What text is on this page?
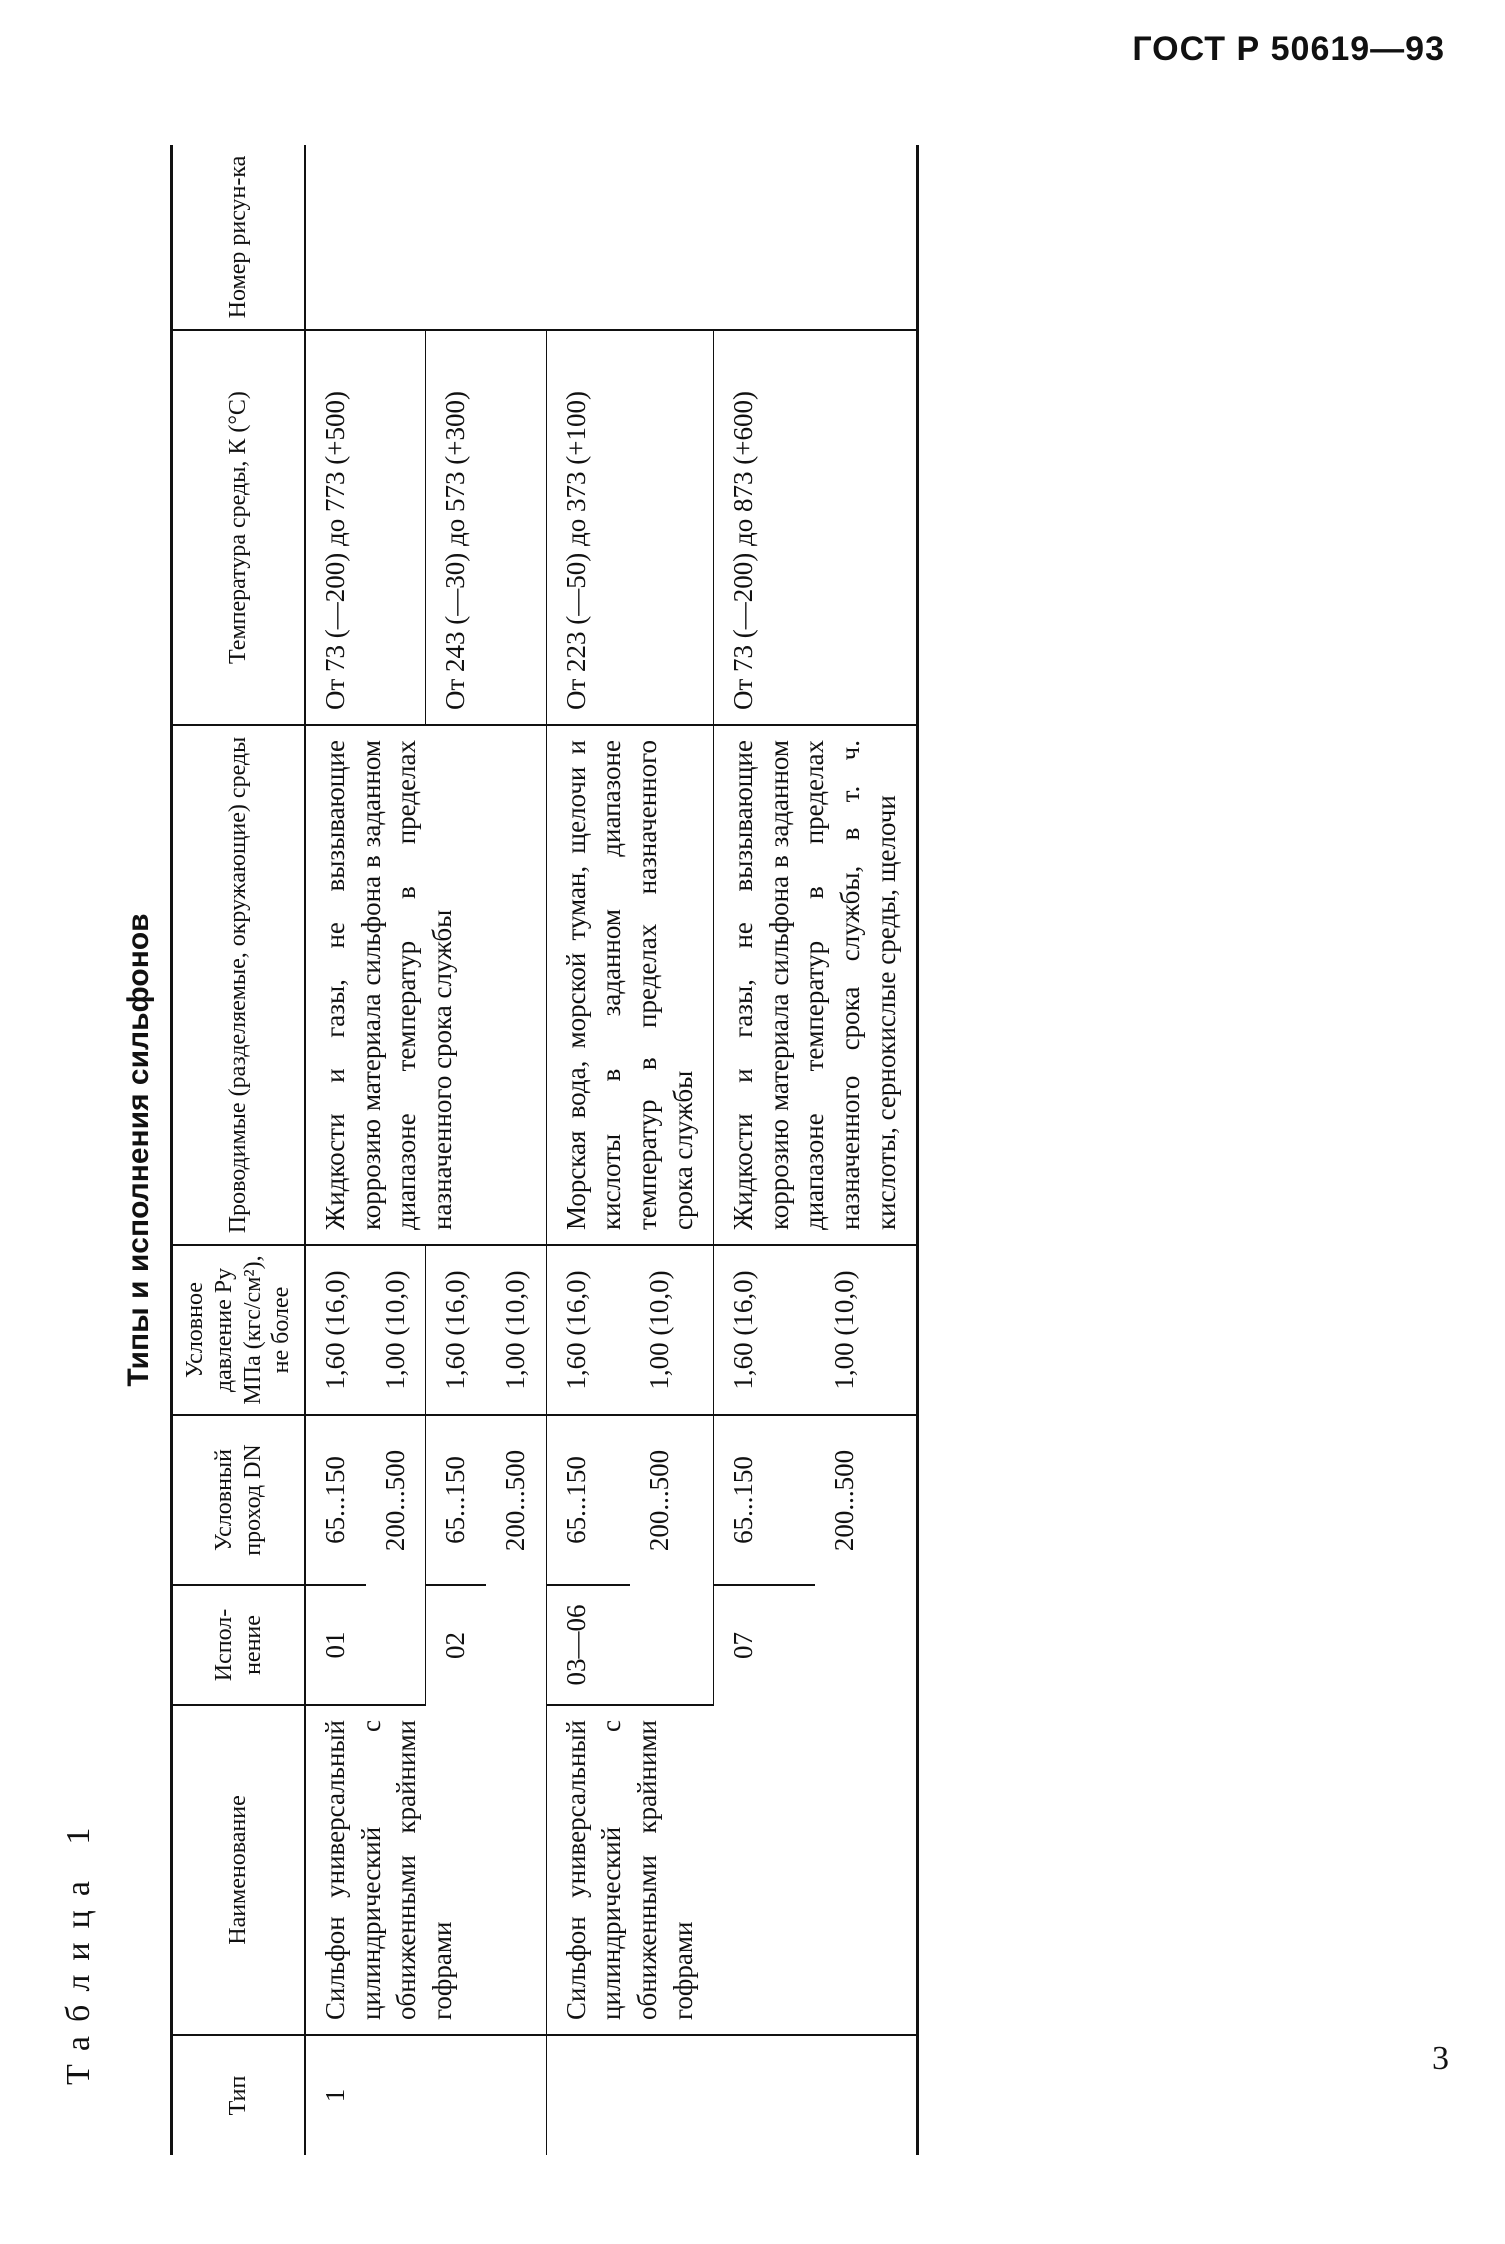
ГОСТ Р 50619—93
Таблица 1
Типы и исполнения сильфонов
Тип	Наименование	Испол-нение	Условный проход DN	Условное давление Pу MПа (кгс/см²), не более	Проводимые (разделяемые, окружающие) среды	Температура среды, К (°С)	Номер рисун-ка
1	Сильфон универсальный цилиндрический с обниженными крайними гофрами	01	65...150	1,60 (16,0)	Жидкости и газы, не вызывающие коррозию материала сильфона в заданном диапазоне температур в пределах назначенного срока службы	От 73 (—200) до 773 (+500)	
			200...500	1,00 (10,0)			
		02	65...150	1,60 (16,0)		От 243 (—30) до 573 (+300)	
			200...500	1,00 (10,0)			

	Сильфон универсальный цилиндрический с обниженными крайними гофрами	03—06	65...150	1,60 (16,0)	Морская вода, морской туман, щелочи и кислоты в заданном диапазоне температур в пределах назначенного срока службы	От 223 (—50) до 373 (+100)	
			200...500	1,00 (10,0)			
		07	65...150	1,60 (16,0)	Жидкости и газы, не вызывающие коррозию материала сильфона в заданном диапазоне температур в пределах назначенного срока службы, в т. ч. кислоты, сернокислые среды, щелочи	От 73 (—200) до 873 (+600)	
			200...500	1,00 (10,0)			
3
